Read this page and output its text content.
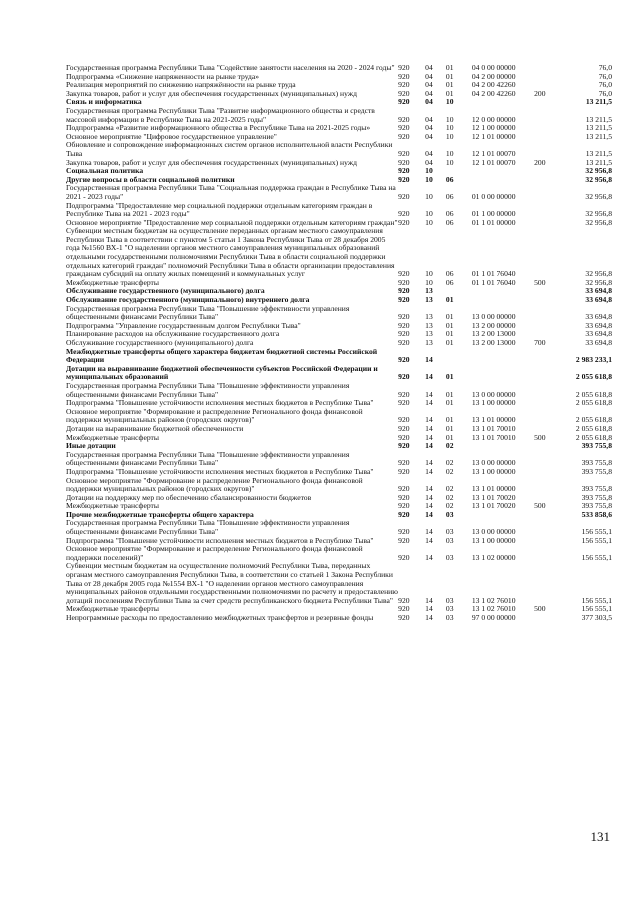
Государственная программа Республики Тыва "Содействие занятости населения на 2020 - 2024 годы"	920	04	01	04 0 00 00000		76,0
Подпрограмма «Снижение напряженности на рынке труда»	920	04	01	04 2 00 00000		76,0
Реализация мероприятий по снижению напряжённости на рынке труда	920	04	01	04 2 00 42260		76,0
Закупка товаров, работ и услуг для обеспечения государственных (муниципальных) нужд	920	04	01	04 2 00 42260	200	76,0
Связь и информатика	920	04	10			13 211,5
Государственная программа Республики Тыва "Развитие информационного общества и средств массовой информации в Республике Тыва на 2021-2025 годы"	920	04	10	12 0 00 00000		13 211,5
Подпрограмма «Развитие информационного общества в Республике Тыва на 2021-2025 годы»	920	04	10	12 1 00 00000		13 211,5
Основное мероприятие "Цифровое государственное управление"	920	04	10	12 1 01 00000		13 211,5
Обновление и сопровождение информационных систем органов исполнительной власти Республики Тыва	920	04	10	12 1 01 00070		13 211,5
Закупка товаров, работ и услуг для обеспечения государственных (муниципальных) нужд	920	04	10	12 1 01 00070	200	13 211,5
Социальная политика	920	10				32 956,8
Другие вопросы в области социальной политики	920	10	06			32 956,8
Государственная программа Республики Тыва "Социальная поддержка граждан в Республике Тыва на 2021 - 2023 годы"	920	10	06	01 0 00 00000		32 956,8
Подпрограмма "Предоставление мер социальной поддержки отдельным категориям граждан в Республике Тыва на 2021 - 2023 годы"	920	10	06	01 1 00 00000		32 956,8
Основное мероприятие "Предоставление мер социальной поддержки отдельным категориям граждан"	920	10	06	01 1 01 00000		32 956,8
Субвенции местным бюджетам на осуществление переданных органам местного самоуправления Республики Тыва в соответствии с пунктом 5 статьи 1 Закона Республики Тыва от 28 декабря 2005 года №1560 ВХ-1 "О наделении органов местного самоуправления муниципальных образований отдельными государственными полномочиями Республики Тыва в области социальной поддержки отдельных категорий граждан" полномочий Республики Тыва в области организации предоставления гражданам субсидий на оплату жилых помещений и коммунальных услуг	920	10	06	01 1 01 76040		32 956,8
Межбюджетные трансферты	920	10	06	01 1 01 76040	500	32 956,8
Обслуживание государственного (муниципального) долга	920	13				33 694,8
Обслуживание государственного (муниципального) внутреннего долга	920	13	01			33 694,8
Государственная программа Республики Тыва "Повышение эффективности управления общественными финансами Республики Тыва"	920	13	01	13 0 00 00000		33 694,8
Подпрограмма "Управление государственным долгом Республики Тыва"	920	13	01	13 2 00 00000		33 694,8
Планирование расходов на обслуживание государственного долга	920	13	01	13 2 00 13000		33 694,8
Обслуживание государственного (муниципального) долга	920	13	01	13 2 00 13000	700	33 694,8
Межбюджетные трансферты общего характера бюджетам бюджетной системы Российской Федерации	920	14				2 983 233,1
Дотации на выравнивание бюджетной обеспеченности субъектов Российской Федерации и муниципальных образований	920	14	01			2 055 618,8
Государственная программа Республики Тыва "Повышение эффективности управления общественными финансами Республики Тыва"	920	14	01	13 0 00 00000		2 055 618,8
Подпрограмма "Повышение устойчивости исполнения местных бюджетов в Республике Тыва"	920	14	01	13 1 00 00000		2 055 618,8
Основное мероприятие "Формирование и распределение Регионального фонда финансовой поддержки муниципальных районов (городских округов)"	920	14	01	13 1 01 00000		2 055 618,8
Дотации на выравнивание бюджетной обеспеченности	920	14	01	13 1 01 70010		2 055 618,8
Межбюджетные трансферты	920	14	01	13 1 01 70010	500	2 055 618,8
Иные дотации	920	14	02			393 755,8
Государственная программа Республики Тыва "Повышение эффективности управления общественными финансами Республики Тыва"	920	14	02	13 0 00 00000		393 755,8
Подпрограмма "Повышение устойчивости исполнения местных бюджетов в Республике Тыва"	920	14	02	13 1 00 00000		393 755,8
Основное мероприятие "Формирование и распределение Регионального фонда финансовой поддержки муниципальных районов (городских округов)"	920	14	02	13 1 01 00000		393 755,8
Дотации на поддержку мер по обеспечению сбалансированности бюджетов	920	14	02	13 1 01 70020		393 755,8
Межбюджетные трансферты	920	14	02	13 1 01 70020	500	393 755,8
Прочие межбюджетные трансферты общего характера	920	14	03			533 858,6
Государственная программа Республики Тыва "Повышение эффективности управления общественными финансами Республики Тыва"	920	14	03	13 0 00 00000		156 555,1
Подпрограмма "Повышение устойчивости исполнения местных бюджетов в Республике Тыва"	920	14	03	13 1 00 00000		156 555,1
Основное мероприятие "Формирование и распределение Регионального фонда финансовой поддержки поселений)"	920	14	03	13 1 02 00000		156 555,1
Субвенции местным бюджетам на осуществление полномочий Республики Тыва, переданных органам местного самоуправления Республики Тыва, в соответствии со статьей 1 Закона Республики Тыва от 28 декабря 2005 года №1554 ВХ-1 "О наделении органов местного самоуправления муниципальных районов отдельными государственными полномочиями по расчету и предоставлению дотаций поселениям Республики Тыва за счет средств республиканского бюджета Республики Тыва"	920	14	03	13 1 02 76010		156 555,1
Межбюджетные трансферты	920	14	03	13 1 02 76010	500	156 555,1
Непрограммные расходы по предоставлению межбюджетных трансфертов и резервные фонды	920	14	03	97 0 00 00000		377 303,5
131
